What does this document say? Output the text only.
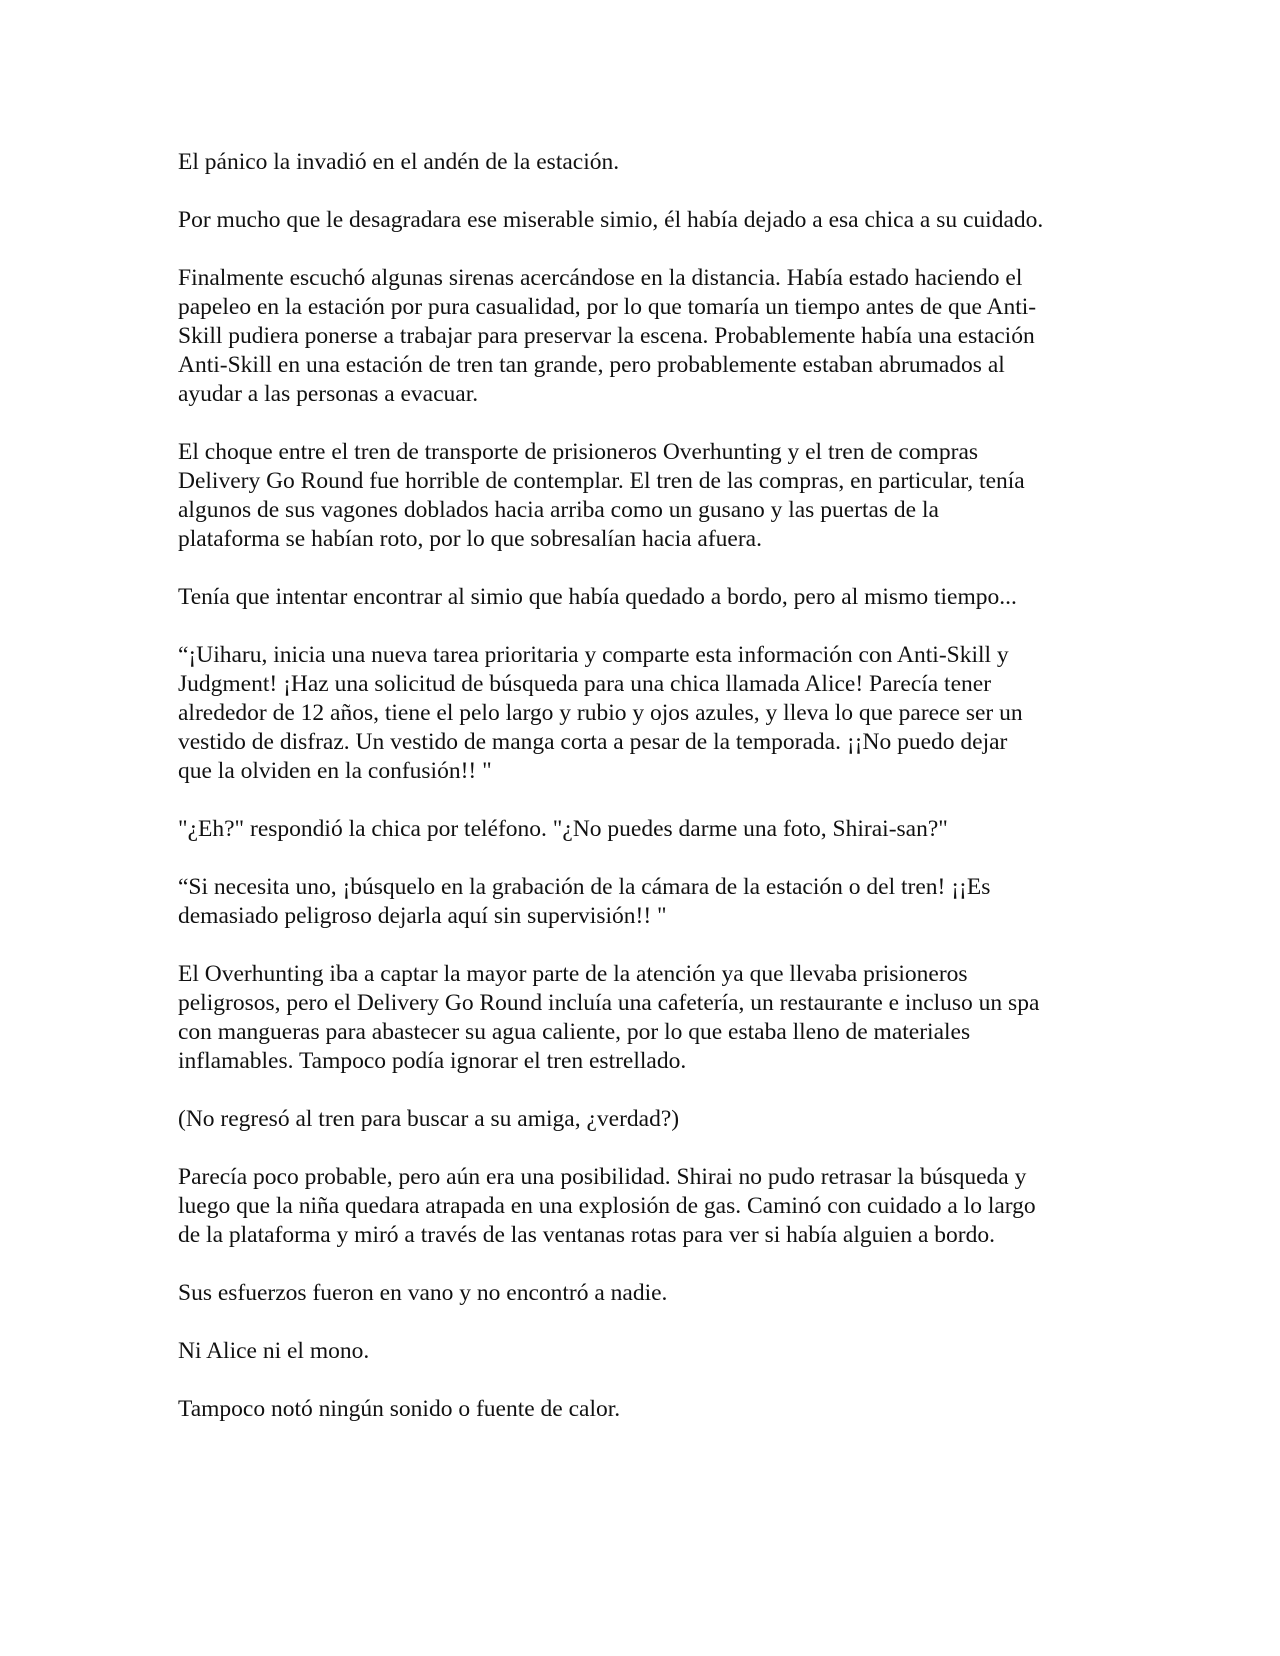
El pánico la invadió en el andén de la estación.

Por mucho que le desagradara ese miserable simio, él había dejado a esa chica a su cuidado.

Finalmente escuchó algunas sirenas acercándose en la distancia. Había estado haciendo el
papeleo en la estación por pura casualidad, por lo que tomaría un tiempo antes de que Anti-
Skill pudiera ponerse a trabajar para preservar la escena. Probablemente había una estación
Anti-Skill en una estación de tren tan grande, pero probablemente estaban abrumados al
ayudar a las personas a evacuar.

El choque entre el tren de transporte de prisioneros Overhunting y el tren de compras
Delivery Go Round fue horrible de contemplar. El tren de las compras, en particular, tenía
algunos de sus vagones doblados hacia arriba como un gusano y las puertas de la
plataforma se habían roto, por lo que sobresalían hacia afuera.

Tenía que intentar encontrar al simio que había quedado a bordo, pero al mismo tiempo...

“¡Uiharu, inicia una nueva tarea prioritaria y comparte esta información con Anti-Skill y
Judgment! ¡Haz una solicitud de búsqueda para una chica llamada Alice! Parecía tener
alrededor de 12 años, tiene el pelo largo y rubio y ojos azules, y lleva lo que parece ser un
vestido de disfraz. Un vestido de manga corta a pesar de la temporada. ¡¡No puedo dejar
que la olviden en la confusión!! "

"¿Eh?" respondió la chica por teléfono. "¿No puedes darme una foto, Shirai-san?"

“Si necesita uno, ¡búsquelo en la grabación de la cámara de la estación o del tren! ¡¡Es
demasiado peligroso dejarla aquí sin supervisión!! "

El Overhunting iba a captar la mayor parte de la atención ya que llevaba prisioneros
peligrosos, pero el Delivery Go Round incluía una cafetería, un restaurante e incluso un spa
con mangueras para abastecer su agua caliente, por lo que estaba lleno de materiales
inflamables. Tampoco podía ignorar el tren estrellado.

(No regresó al tren para buscar a su amiga, ¿verdad?)

Parecía poco probable, pero aún era una posibilidad. Shirai no pudo retrasar la búsqueda y
luego que la niña quedara atrapada en una explosión de gas. Caminó con cuidado a lo largo
de la plataforma y miró a través de las ventanas rotas para ver si había alguien a bordo.

Sus esfuerzos fueron en vano y no encontró a nadie.

Ni Alice ni el mono.

Tampoco notó ningún sonido o fuente de calor.
